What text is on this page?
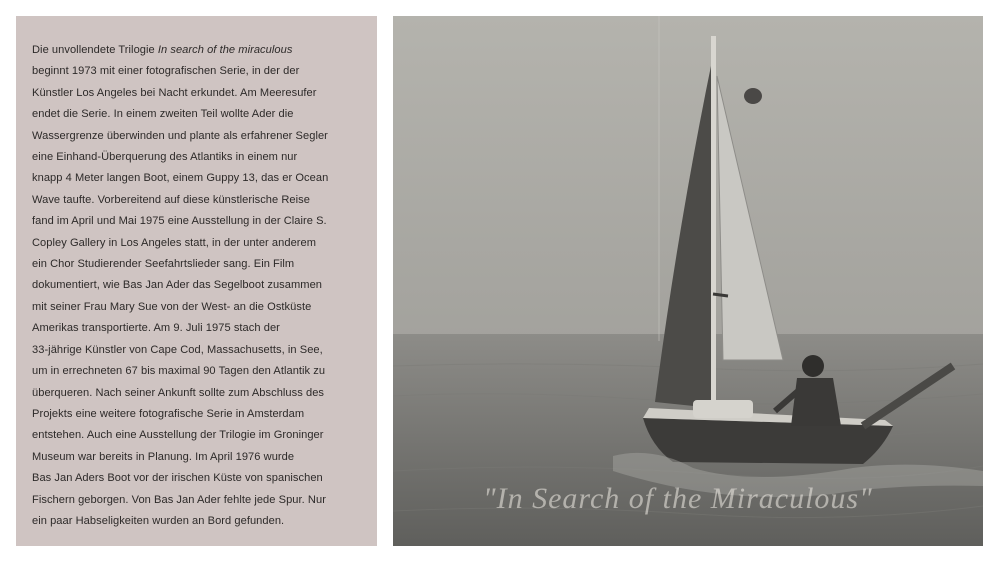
Die unvollendete Trilogie In search of the miraculous
beginnt 1973 mit einer fotografischen Serie, in der der
Künstler Los Angeles bei Nacht erkundet. Am Meeresufer
endet die Serie. In einem zweiten Teil wollte Ader die
Wassergrenze überwinden und plante als erfahrener Segler
eine Einhand-Überquerung des Atlantiks in einem nur
knapp 4 Meter langen Boot, einem Guppy 13, das er Ocean
Wave taufte. Vorbereitend auf diese künstlerische Reise
fand im April und Mai 1975 eine Ausstellung in der Claire S.
Copley Gallery in Los Angeles statt, in der unter anderem
ein Chor Studierender Seefahrtslieder sang. Ein Film
dokumentiert, wie Bas Jan Ader das Segelboot zusammen
mit seiner Frau Mary Sue von der West- an die Ostküste
Amerikas transportierte. Am 9. Juli 1975 stach der
33-jährige Künstler von Cape Cod, Massachusetts, in See,
um in errechneten 67 bis maximal 90 Tagen den Atlantik zu
überqueren. Nach seiner Ankunft sollte zum Abschluss des
Projekts eine weitere fotografische Serie in Amsterdam
entstehen. Auch eine Ausstellung der Trilogie im Groninger
Museum war bereits in Planung. Im April 1976 wurde
Bas Jan Aders Boot vor der irischen Küste von spanischen
Fischern geborgen. Von Bas Jan Ader fehlte jede Spur. Nur
ein paar Habseligkeiten wurden an Bord gefunden.
"In Search of the Miraculous"
